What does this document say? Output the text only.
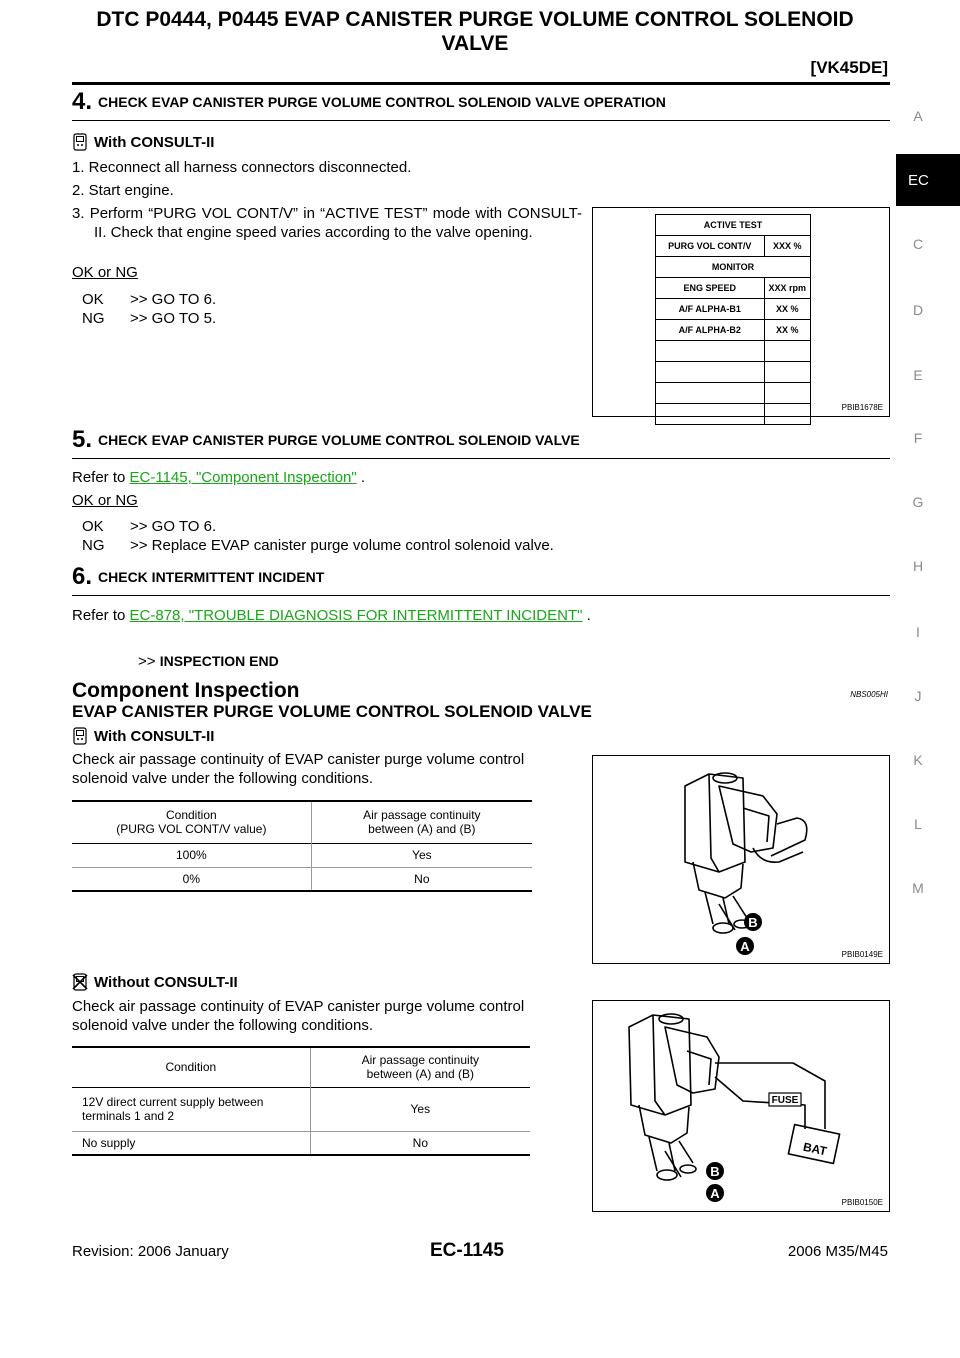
DTC P0444, P0445 EVAP CANISTER PURGE VOLUME CONTROL SOLENOID VALVE
[VK45DE]
A
EC
C
D
E
F
G
H
I
J
K
L
M
4. CHECK EVAP CANISTER PURGE VOLUME CONTROL SOLENOID VALVE OPERATION
With CONSULT-II
1. Reconnect all harness connectors disconnected.
2. Start engine.
3. Perform “PURG VOL CONT/V” in “ACTIVE TEST” mode with CONSULT-II. Check that engine speed varies according to the valve opening.
OK or NG
OK >> GO TO 6.
NG >> GO TO 5.
ACTIVE TEST	
PURG VOL CONT/V	XXX %
MONITOR	
ENG SPEED	XXX rpm
A/F ALPHA-B1	XX %
A/F ALPHA-B2	XX %

PBIB1678E
5. CHECK EVAP CANISTER PURGE VOLUME CONTROL SOLENOID VALVE
Refer to EC-1145, "Component Inspection" .
OK or NG
OK >> GO TO 6.
NG >> Replace EVAP canister purge volume control solenoid valve.
6. CHECK INTERMITTENT INCIDENT
Refer to EC-878, "TROUBLE DIAGNOSIS FOR INTERMITTENT INCIDENT" .
>> INSPECTION END
Component Inspection	NBS005HI
EVAP CANISTER PURGE VOLUME CONTROL SOLENOID VALVE
With CONSULT-II
Check air passage continuity of EVAP canister purge volume control solenoid valve under the following conditions.
Condition
(PURG VOL CONT/V value)	Air passage continuity
between (A) and (B)
100%	Yes
0%	No
B
A
PBIB0149E
Without CONSULT-II
Check air passage continuity of EVAP canister purge volume control solenoid valve under the following conditions.
Condition	Air passage continuity
between (A) and (B)
12V direct current supply between terminals 1 and 2	Yes
No supply	No
FUSE
BAT
B
A
PBIB0150E
Revision: 2006 January	EC-1145	2006 M35/M45
